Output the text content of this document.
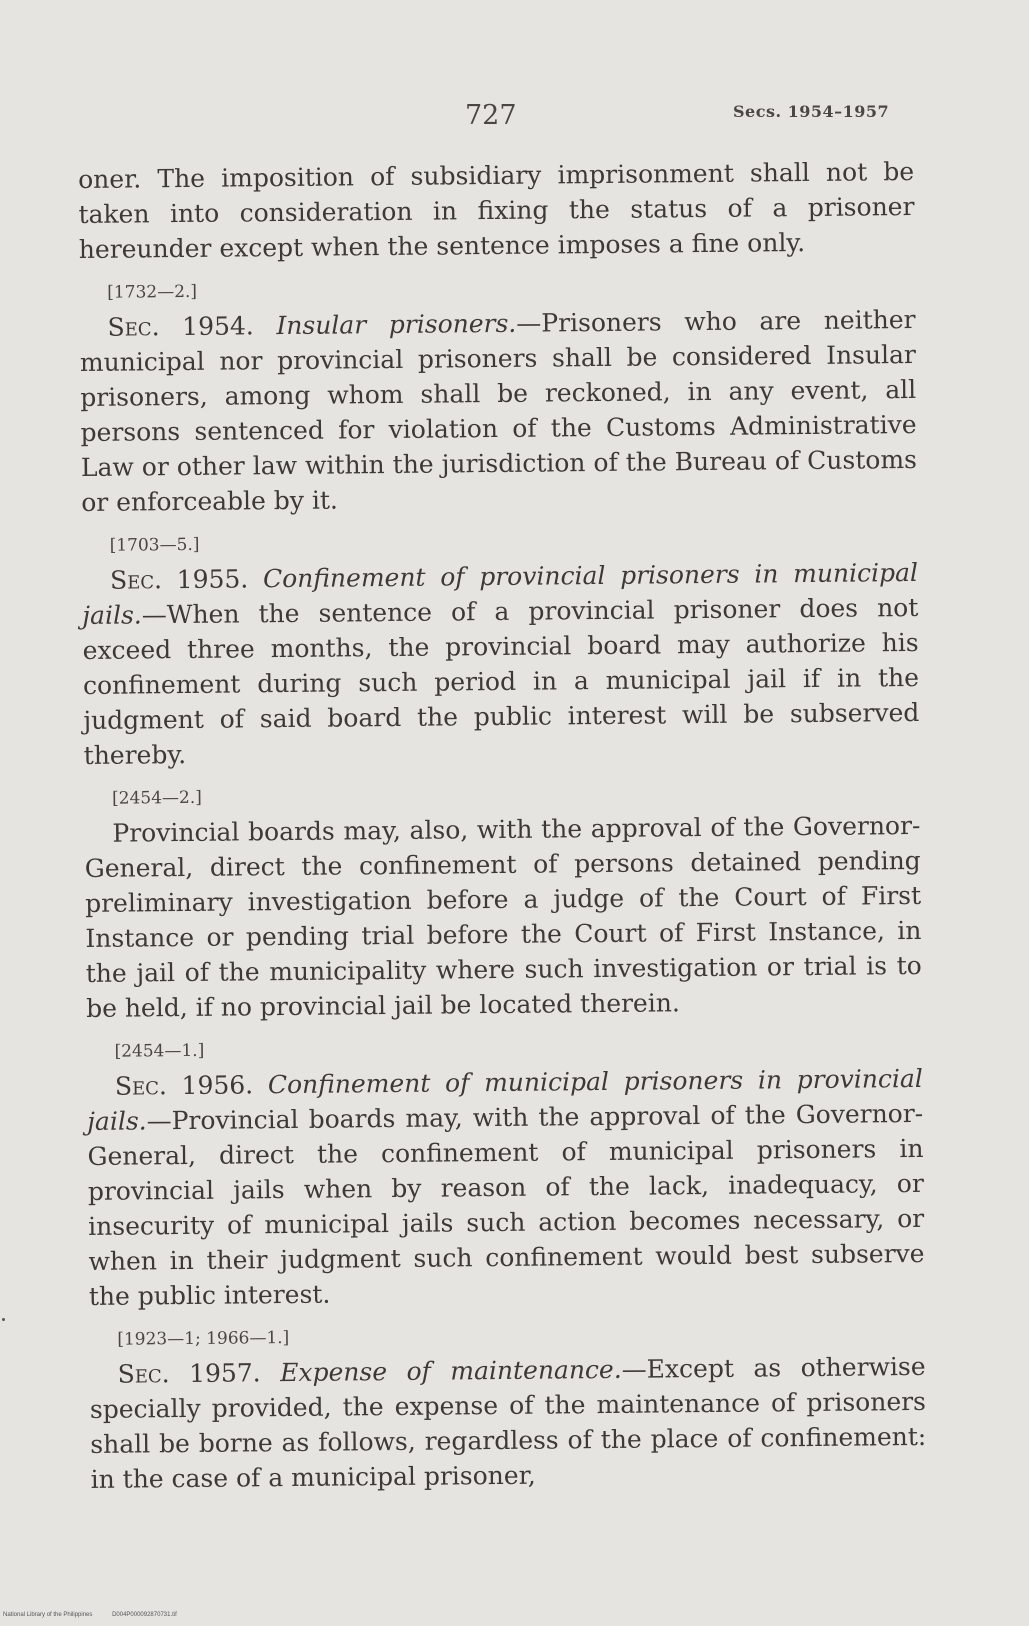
727	Secs. 1954–1957

oner. The imposition of subsidiary imprisonment shall not be taken into consideration in fixing the status of a prisoner hereunder except when the sentence imposes a fine only.

[1732—2.]

Sec. 1954. Insular prisoners.—Prisoners who are neither municipal nor provincial prisoners shall be considered Insular prisoners, among whom shall be reckoned, in any event, all persons sentenced for violation of the Customs Administrative Law or other law within the jurisdiction of the Bureau of Customs or enforceable by it.

[1703—5.]

Sec. 1955. Confinement of provincial prisoners in municipal jails.—When the sentence of a provincial prisoner does not exceed three months, the provincial board may authorize his confinement during such period in a municipal jail if in the judgment of said board the public interest will be subserved thereby.

[2454—2.]

Provincial boards may, also, with the approval of the Governor-General, direct the confinement of persons detained pending preliminary investigation before a judge of the Court of First Instance or pending trial before the Court of First Instance, in the jail of the municipality where such investigation or trial is to be held, if no provincial jail be located therein.

[2454—1.]

Sec. 1956. Confinement of municipal prisoners in provincial jails.—Provincial boards may, with the approval of the Governor-General, direct the confinement of municipal prisoners in provincial jails when by reason of the lack, inadequacy, or insecurity of municipal jails such action becomes necessary, or when in their judgment such confinement would best subserve the public interest.

[1923—1; 1966—1.]

Sec. 1957. Expense of maintenance.—Except as otherwise specially provided, the expense of the maintenance of prisoners shall be borne as follows, regardless of the place of confinement: in the case of a municipal prisoner,

National Library of the Philippines	D004P000092870731.tif
